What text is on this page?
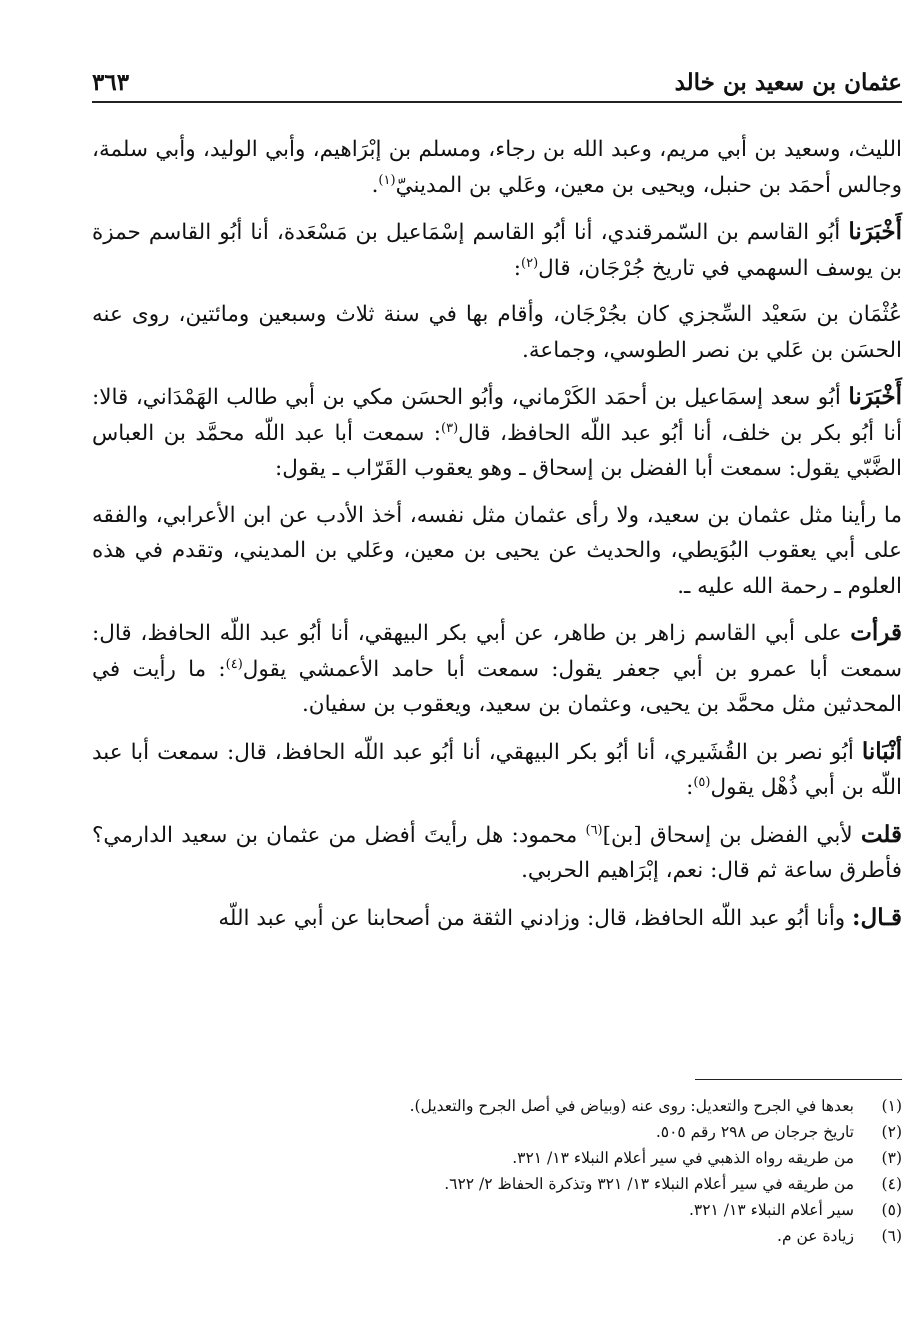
٣٦٣	عثمان بن سعيد بن خالد

الليث، وسعيد بن أبي مريم، وعبد الله بن رجاء، ومسلم بن إبْرَاهيم، وأبي الوليد، وأبي سلمة، وجالس أحمَد بن حنبل، ويحيى بن معين، وعَلي بن المدينيّ$^{(١)}$.

أَخْبَرَنا أبُو القاسم بن السّمرقندي، أنا أبُو القاسم إسْمَاعيل بن مَسْعَدة، أنا أبُو القاسم حمزة بن يوسف السهمي في تاريخ جُرْجَان، قال$^{(٢)}$:

عُثْمَان بن سَعيْد السِّجزي كان بجُرْجَان، وأقام بها في سنة ثلاث وسبعين ومائتين، روى عنه الحسَن بن عَلي بن نصر الطوسي، وجماعة.

أَخْبَرَنا أبُو سعد إسمَاعيل بن أحمَد الكَرْماني، وأبُو الحسَن مكي بن أبي طالب الهَمْدَاني، قالا: أنا أبُو بكر بن خلف، أنا أبُو عبد اللّه الحافظ، قال$^{(٣)}$: سمعت أبا عبد اللّه محمَّد بن العباس الضَّبّي يقول: سمعت أبا الفضل بن إسحاق ـ وهو يعقوب القَرّاب ـ يقول:

ما رأينا مثل عثمان بن سعيد، ولا رأى عثمان مثل نفسه، أخذ الأدب عن ابن الأعرابي، والفقه على أبي يعقوب البُوَيطي، والحديث عن يحيى بن معين، وعَلي بن المديني، وتقدم في هذه العلوم ـ رحمة الله عليه ـ.

قرأت على أبي القاسم زاهر بن طاهر، عن أبي بكر البيهقي، أنا أبُو عبد اللّه الحافظ، قال: سمعت أبا عمرو بن أبي جعفر يقول: سمعت أبا حامد الأعمشي يقول$^{(٤)}$: ما رأيت في المحدثين مثل محمَّد بن يحيى، وعثمان بن سعيد، ويعقوب بن سفيان.

أنْبَانا أبُو نصر بن القُشَيري، أنا أبُو بكر البيهقي، أنا أبُو عبد اللّه الحافظ، قال: سمعت أبا عبد اللّه بن أبي ذُهْل يقول$^{(٥)}$:

قلت لأبي الفضل بن إسحاق [بن]$^{(٦)}$ محمود: هل رأيتَ أفضل من عثمان بن سعيد الدارمي؟ فأطرق ساعة ثم قال: نعم، إبْرَاهيم الحربي.

قـال: وأنا أبُو عبد اللّه الحافظ، قال: وزادني الثقة من أصحابنا عن أبي عبد اللّه

(١)
بعدها في الجرح والتعديل: روى عنه (وبياض في أصل الجرح والتعديل).
(٢)
تاريخ جرجان ص ٢٩٨ رقم ٥٠٥.
(٣)
من طريقه رواه الذهبي في سير أعلام النبلاء ١٣/ ٣٢١.
(٤)
من طريقه في سير أعلام النبلاء ١٣/ ٣٢١ وتذكرة الحفاظ ٢/ ٦٢٢.
(٥)
سير أعلام النبلاء ١٣/ ٣٢١.
(٦)
زيادة عن م.
